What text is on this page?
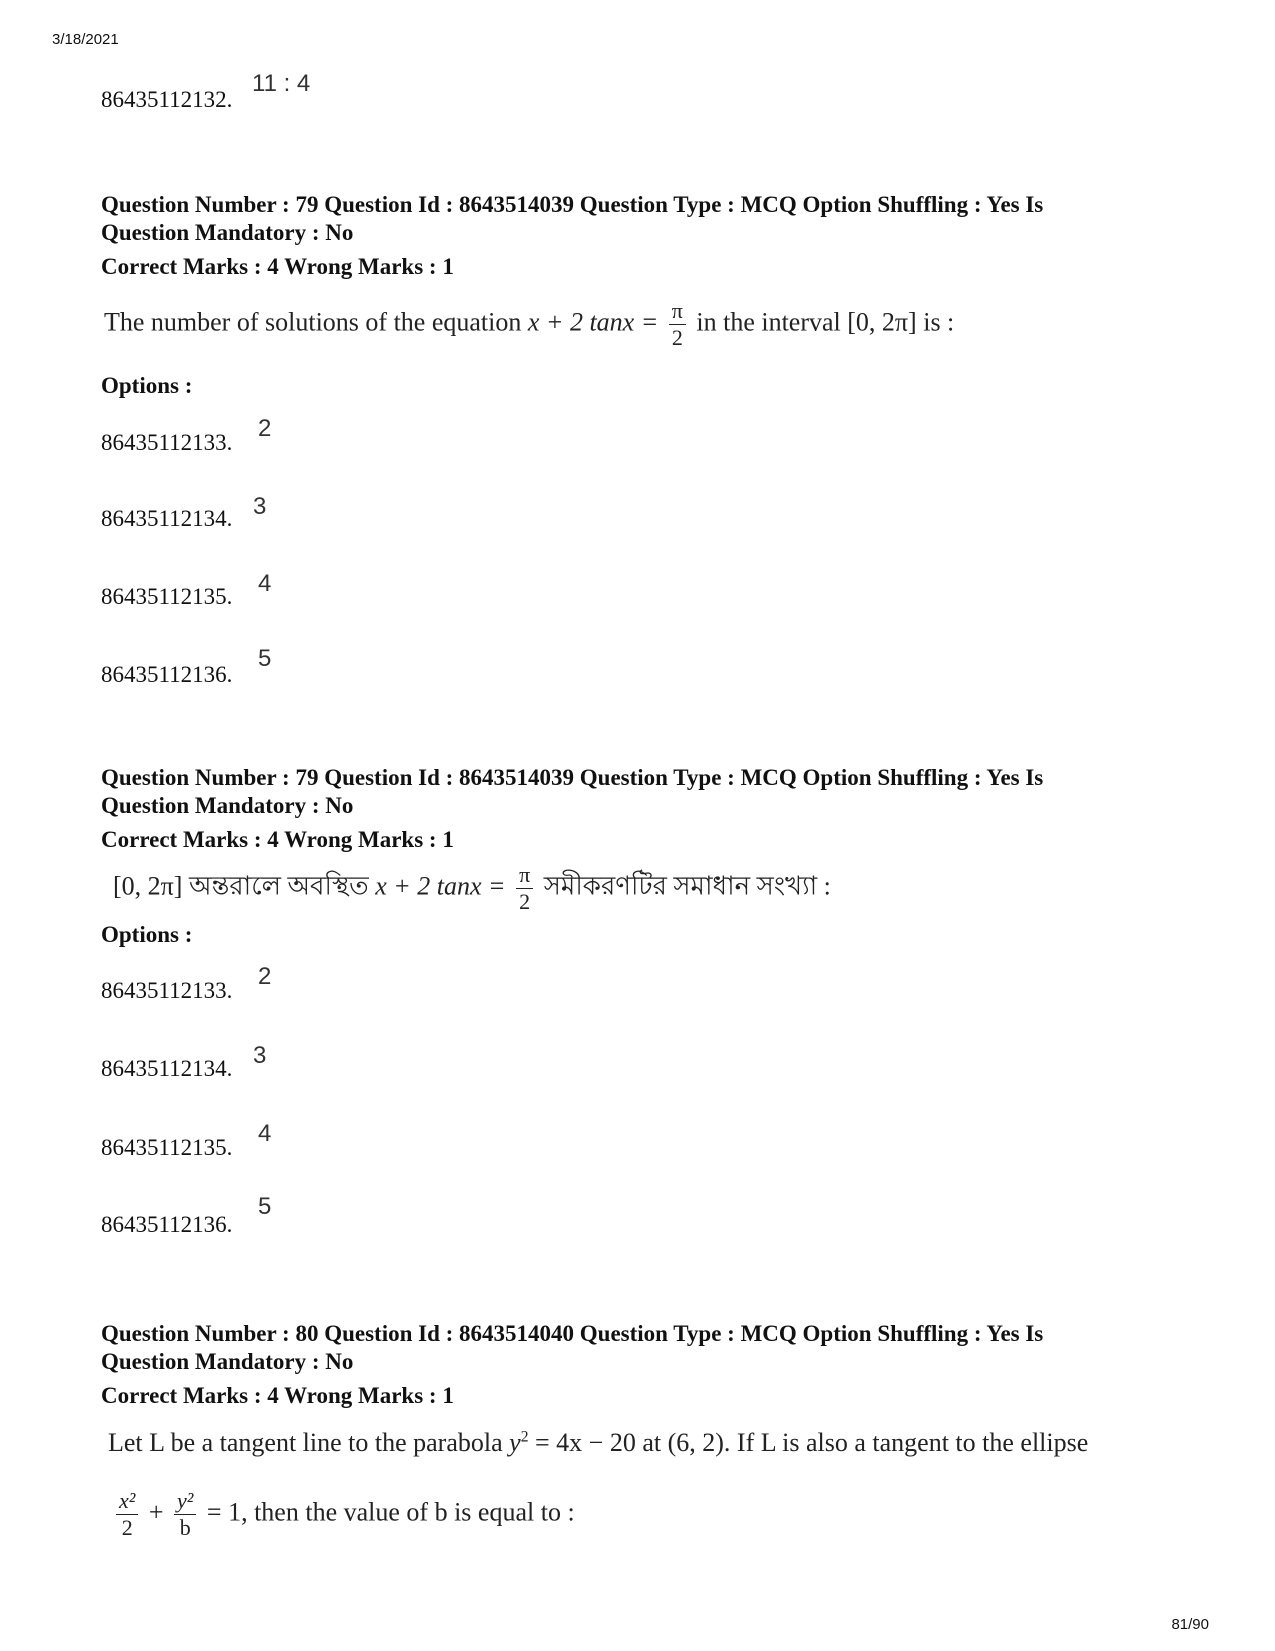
3/18/2021
86435112132.
11 : 4
Question Number : 79 Question Id : 8643514039 Question Type : MCQ Option Shuffling : Yes Is
Question Mandatory : No
Correct Marks : 4 Wrong Marks : 1
The number of solutions of the equation x + 2 $\tan x = \frac{\pi}{2}$ in the interval [0, 2π] is :
Options :
86435112133.
2
86435112134. 3
86435112135. 4
86435112136.
5
Question Number : 79 Question Id : 8643514039 Question Type : MCQ Option Shuffling : Yes Is
Question Mandatory : No
Correct Marks : 4 Wrong Marks : 1
[0, 2π] অন্তরালে অবস্থিত x + 2 $\tan x = \frac{\pi}{2}$ সমীকরণটির সমাধান সংখ্যা :
Options :
86435112133.
2
86435112134. 3
86435112135.
4
86435112136.
5
Question Number : 80 Question Id : 8643514040 Question Type : MCQ Option Shuffling : Yes Is
Question Mandatory : No
Correct Marks : 4 Wrong Marks : 1
Let L be a tangent line to the parabola $y^2 = 4x - 20$ at (6, 2). If L is also a tangent to the ellipse
$\frac{\text{x²}}{2} + \frac{\text{y²}}{b} = 1$, then the value of b is equal to :
81/90
